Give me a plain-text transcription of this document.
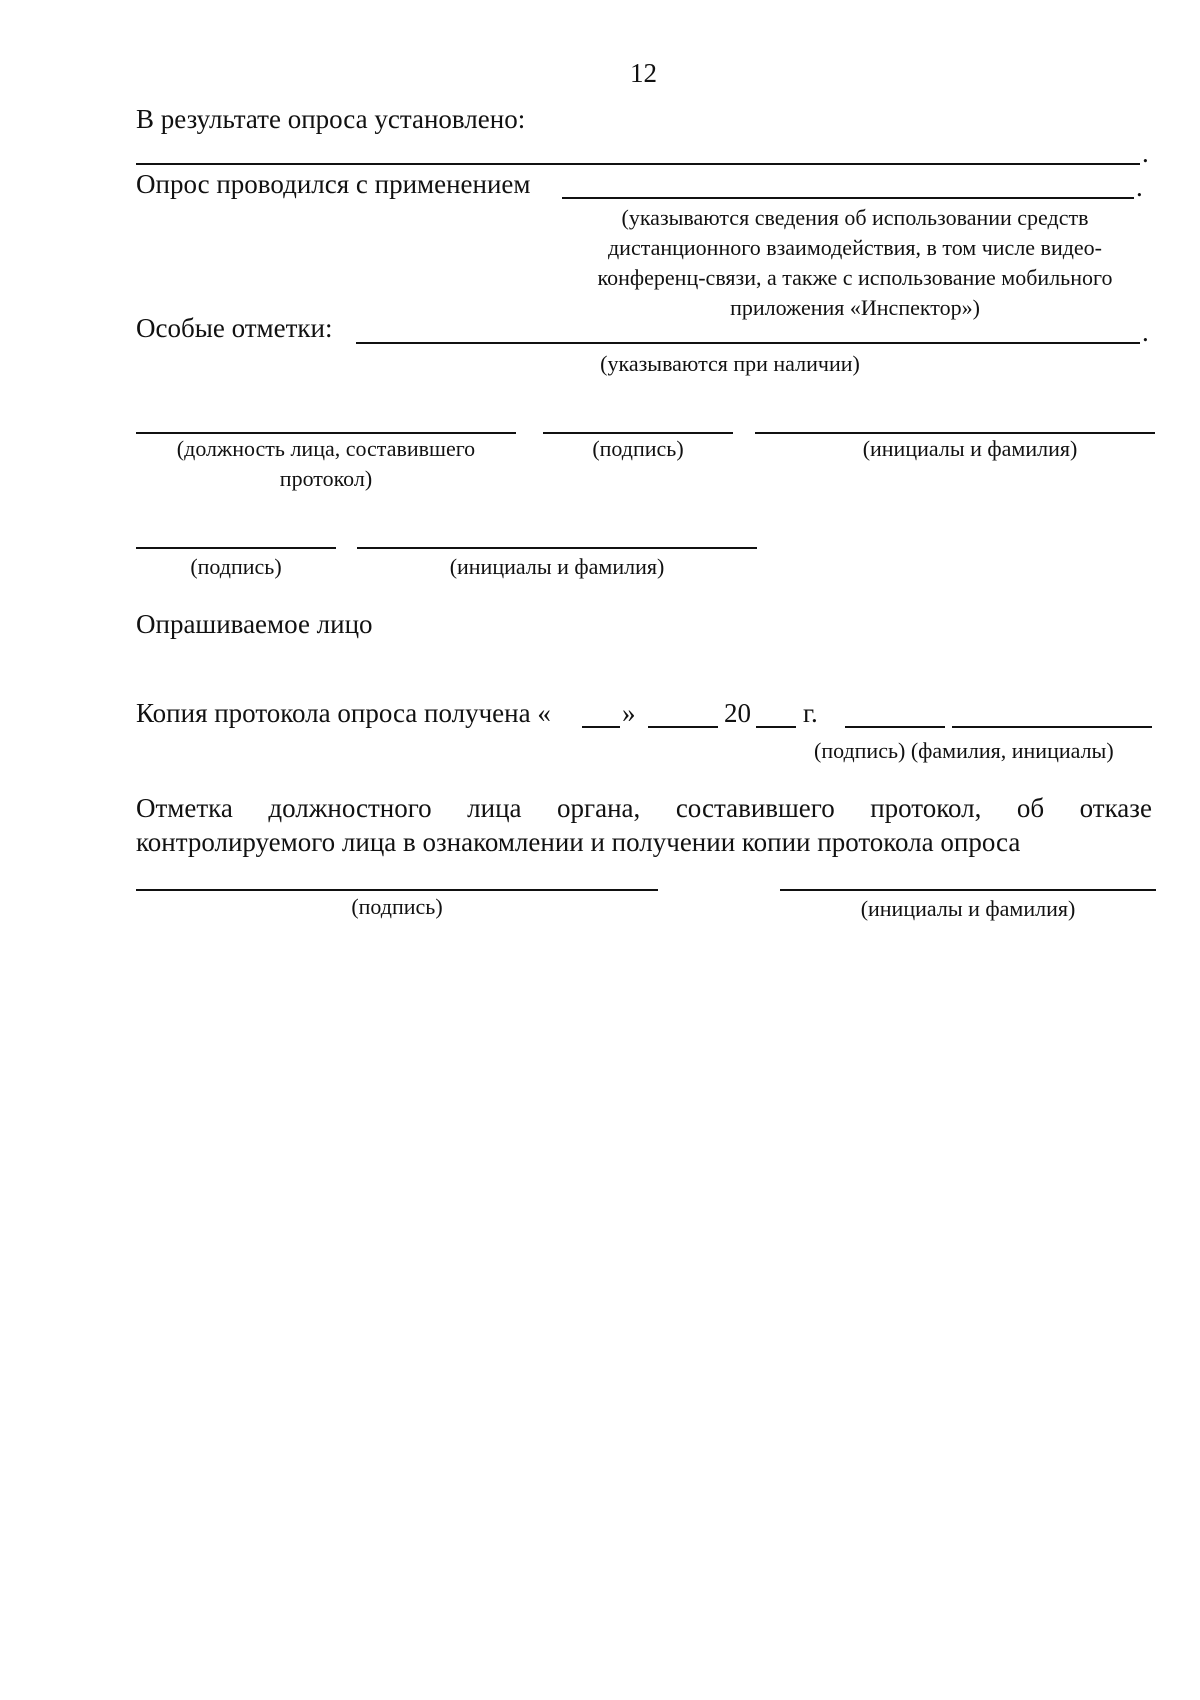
12
В результате опроса установлено:
.
Опрос проводился с применением	.
(указываются сведения об использовании средств
дистанционного взаимодействия, в том числе видео-
конференц-связи, а также с использование мобильного
приложения «Инспектор»)
Особые отметки:	.
(указываются при наличии)
(должность лица, составившего
протокол)
(подпись)	(инициалы и фамилия)
(подпись)	(инициалы и фамилия)
Опрашиваемое лицо
Копия протокола опроса получена «	»	20 г.
(подпись) (фамилия, инициалы)
Отметка должностного лица органа, составившего протокол, об отказе
контролируемого лица в ознакомлении и получении копии протокола опроса
(подпись)	(инициалы и фамилия)
